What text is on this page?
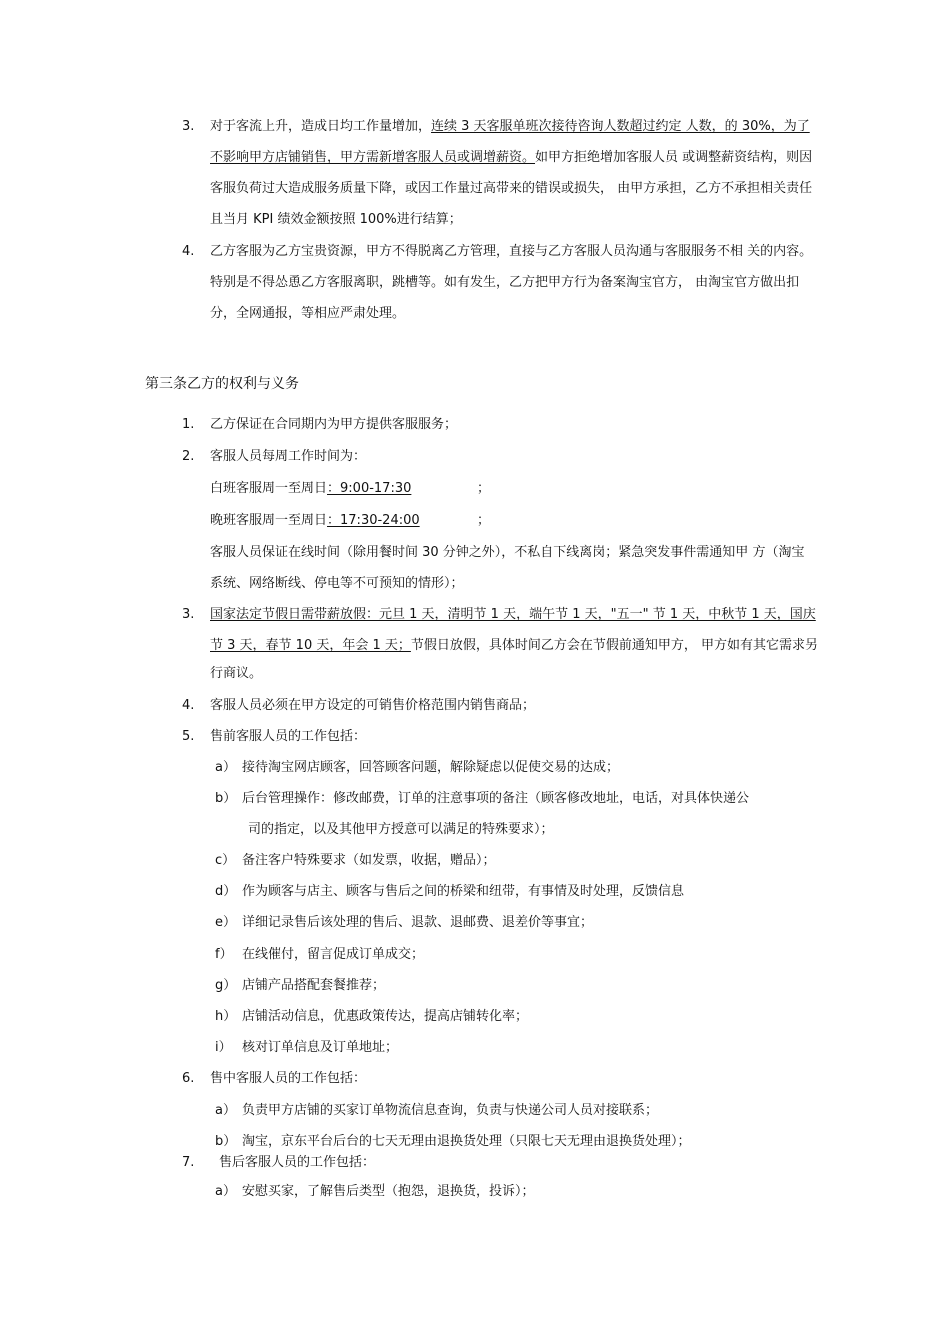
3. 对于客流上升，造成日均工作量增加，连续 3 天客服单班次接待咨询人数超过约定 人数，的 30%，为了
不影响甲方店铺销售，甲方需新增客服人员或调增薪资。如甲方拒绝增加客服人员 或调整薪资结构，则因
客服负荷过大造成服务质量下降，或因工作量过高带来的错误或损失， 由甲方承担，乙方不承担相关责任
且当月 KPI 绩效金额按照 100%进行结算；
4. 乙方客服为乙方宝贵资源，甲方不得脱离乙方管理，直接与乙方客服人员沟通与客服服务不相 关的内容。
特别是不得怂恿乙方客服离职，跳槽等。如有发生，乙方把甲方行为备案淘宝官方， 由淘宝官方做出扣
分，全网通报，等相应严肃处理。
第三条乙方的权利与义务
1. 乙方保证在合同期内为甲方提供客服服务；
2. 客服人员每周工作时间为：
白班客服周一至周日：9:00-17:30	；
晚班客服周一至周日：17:30-24:00	；
客服人员保证在线时间（除用餐时间 30 分钟之外），不私自下线离岗；紧急突发事件需通知甲 方（淘宝
系统、网络断线、停电等不可预知的情形）；
3. 国家法定节假日需带薪放假：元旦 1 天，清明节 1 天，端午节 1 天，"五一" 节 1 天，中秋节 1 天，国庆
节 3 天，春节 10 天，年会 1 天；节假日放假，具体时间乙方会在节假前通知甲方， 甲方如有其它需求另
行商议。
4. 客服人员必须在甲方设定的可销售价格范围内销售商品；
5. 售前客服人员的工作包括：
a） 接待淘宝网店顾客，回答顾客问题，解除疑虑以促使交易的达成；
b） 后台管理操作：修改邮费，订单的注意事项的备注（顾客修改地址，电话，对具体快递公
司的指定，以及其他甲方授意可以满足的特殊要求）；
c） 备注客户特殊要求（如发票，收据，赠品）；
d） 作为顾客与店主、顾客与售后之间的桥梁和纽带，有事情及时处理，反馈信息
e） 详细记录售后该处理的售后、退款、退邮费、退差价等事宜；
f） 在线催付，留言促成订单成交；
g） 店铺产品搭配套餐推荐；
h） 店铺活动信息，优惠政策传达，提高店铺转化率；
i） 核对订单信息及订单地址；
6. 售中客服人员的工作包括：
a） 负责甲方店铺的买家订单物流信息查询，负责与快递公司人员对接联系；
b） 淘宝，京东平台后台的七天无理由退换货处理（只限七天无理由退换货处理）；
7. 售后客服人员的工作包括：
a） 安慰买家，了解售后类型（抱怨，退换货，投诉）；
